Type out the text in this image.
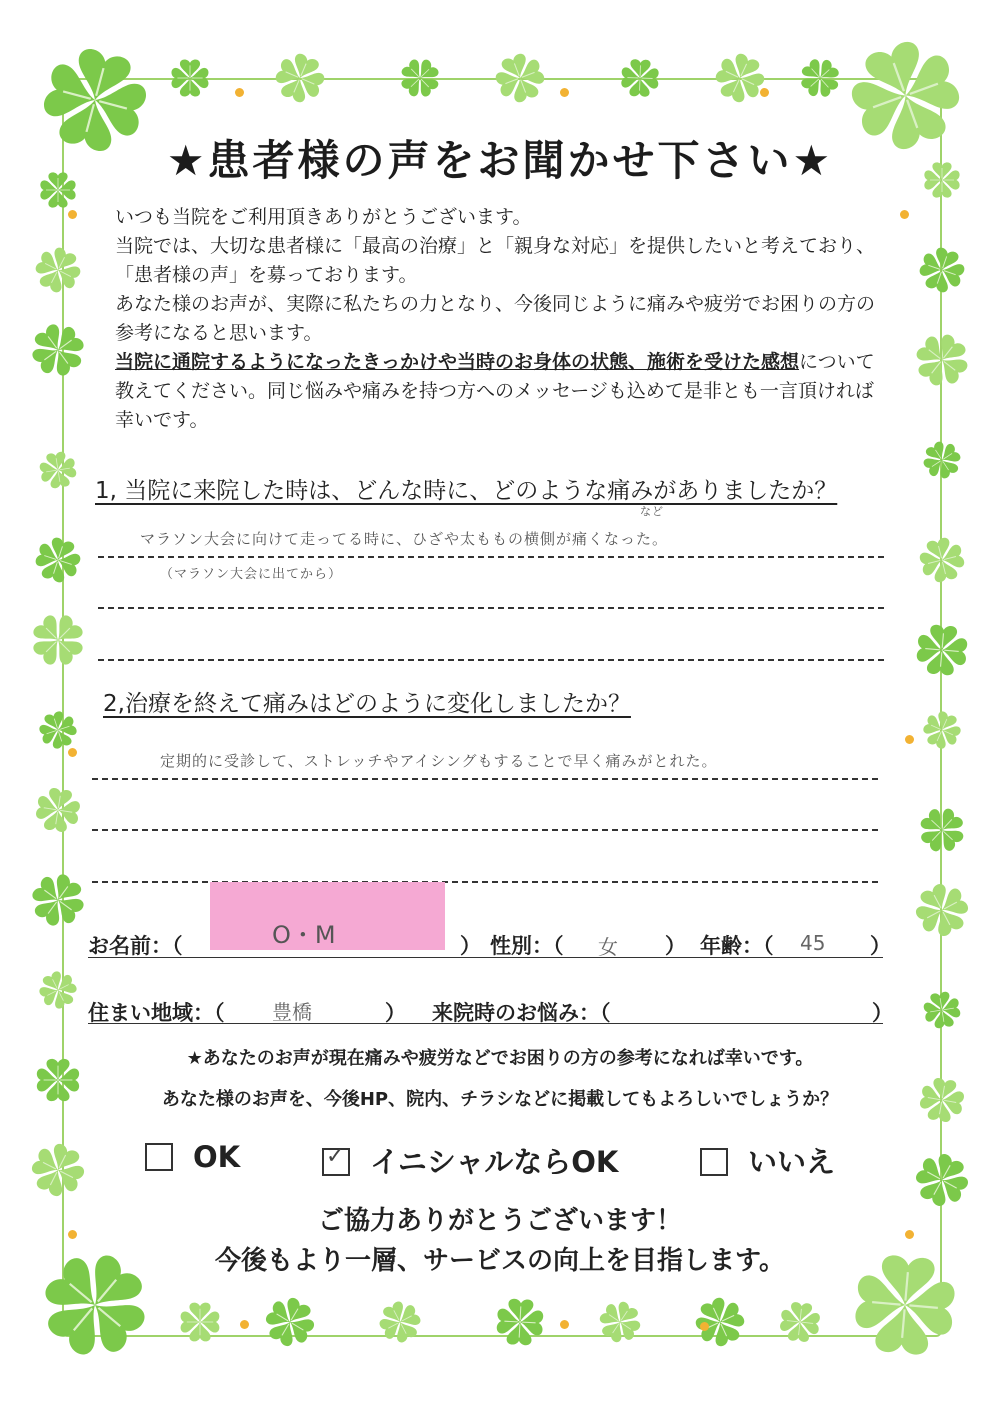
★患者様の声をお聞かせ下さい★
いつも当院をご利用頂きありがとうございます。
当院では、大切な患者様に「最高の治療」と「親身な対応」を提供したいと考えており、「患者様の声」を募っております。
あなた様のお声が、実際に私たちの力となり、今後同じように痛みや疲労でお困りの方の参考になると思います。
当院に通院するようになったきっかけや当時のお身体の状態、施術を受けた感想について教えてください。同じ悩みや痛みを持つ方へのメッセージも込めて是非とも一言頂ければ幸いです。
1, 当院に来院した時は、どんな時に、どのような痛みがありましたか？
など
マラソン大会に向けて走ってる時に、ひざや太ももの横側が痛くなった。
（マラソン大会に出てから）
2,治療を終えて痛みはどのように変化しましたか？
定期的に受診して、ストレッチやアイシングもすることで早く痛みがとれた。
お名前：（	O・M	） 性別：（ 女 ） 年齢：（ 45 ）
住まい地域：（ 豊橋	） 来院時のお悩み：（	）
★あなたのお声が現在痛みや疲労などでお困りの方の参考になれば幸いです。
あなた様のお声を、今後HP、院内、チラシなどに掲載してもよろしいでしょうか？
OK	✓ イニシャルならOK	いいえ
ご協力ありがとうございます！
今後もより一層、サービスの向上を目指します。
